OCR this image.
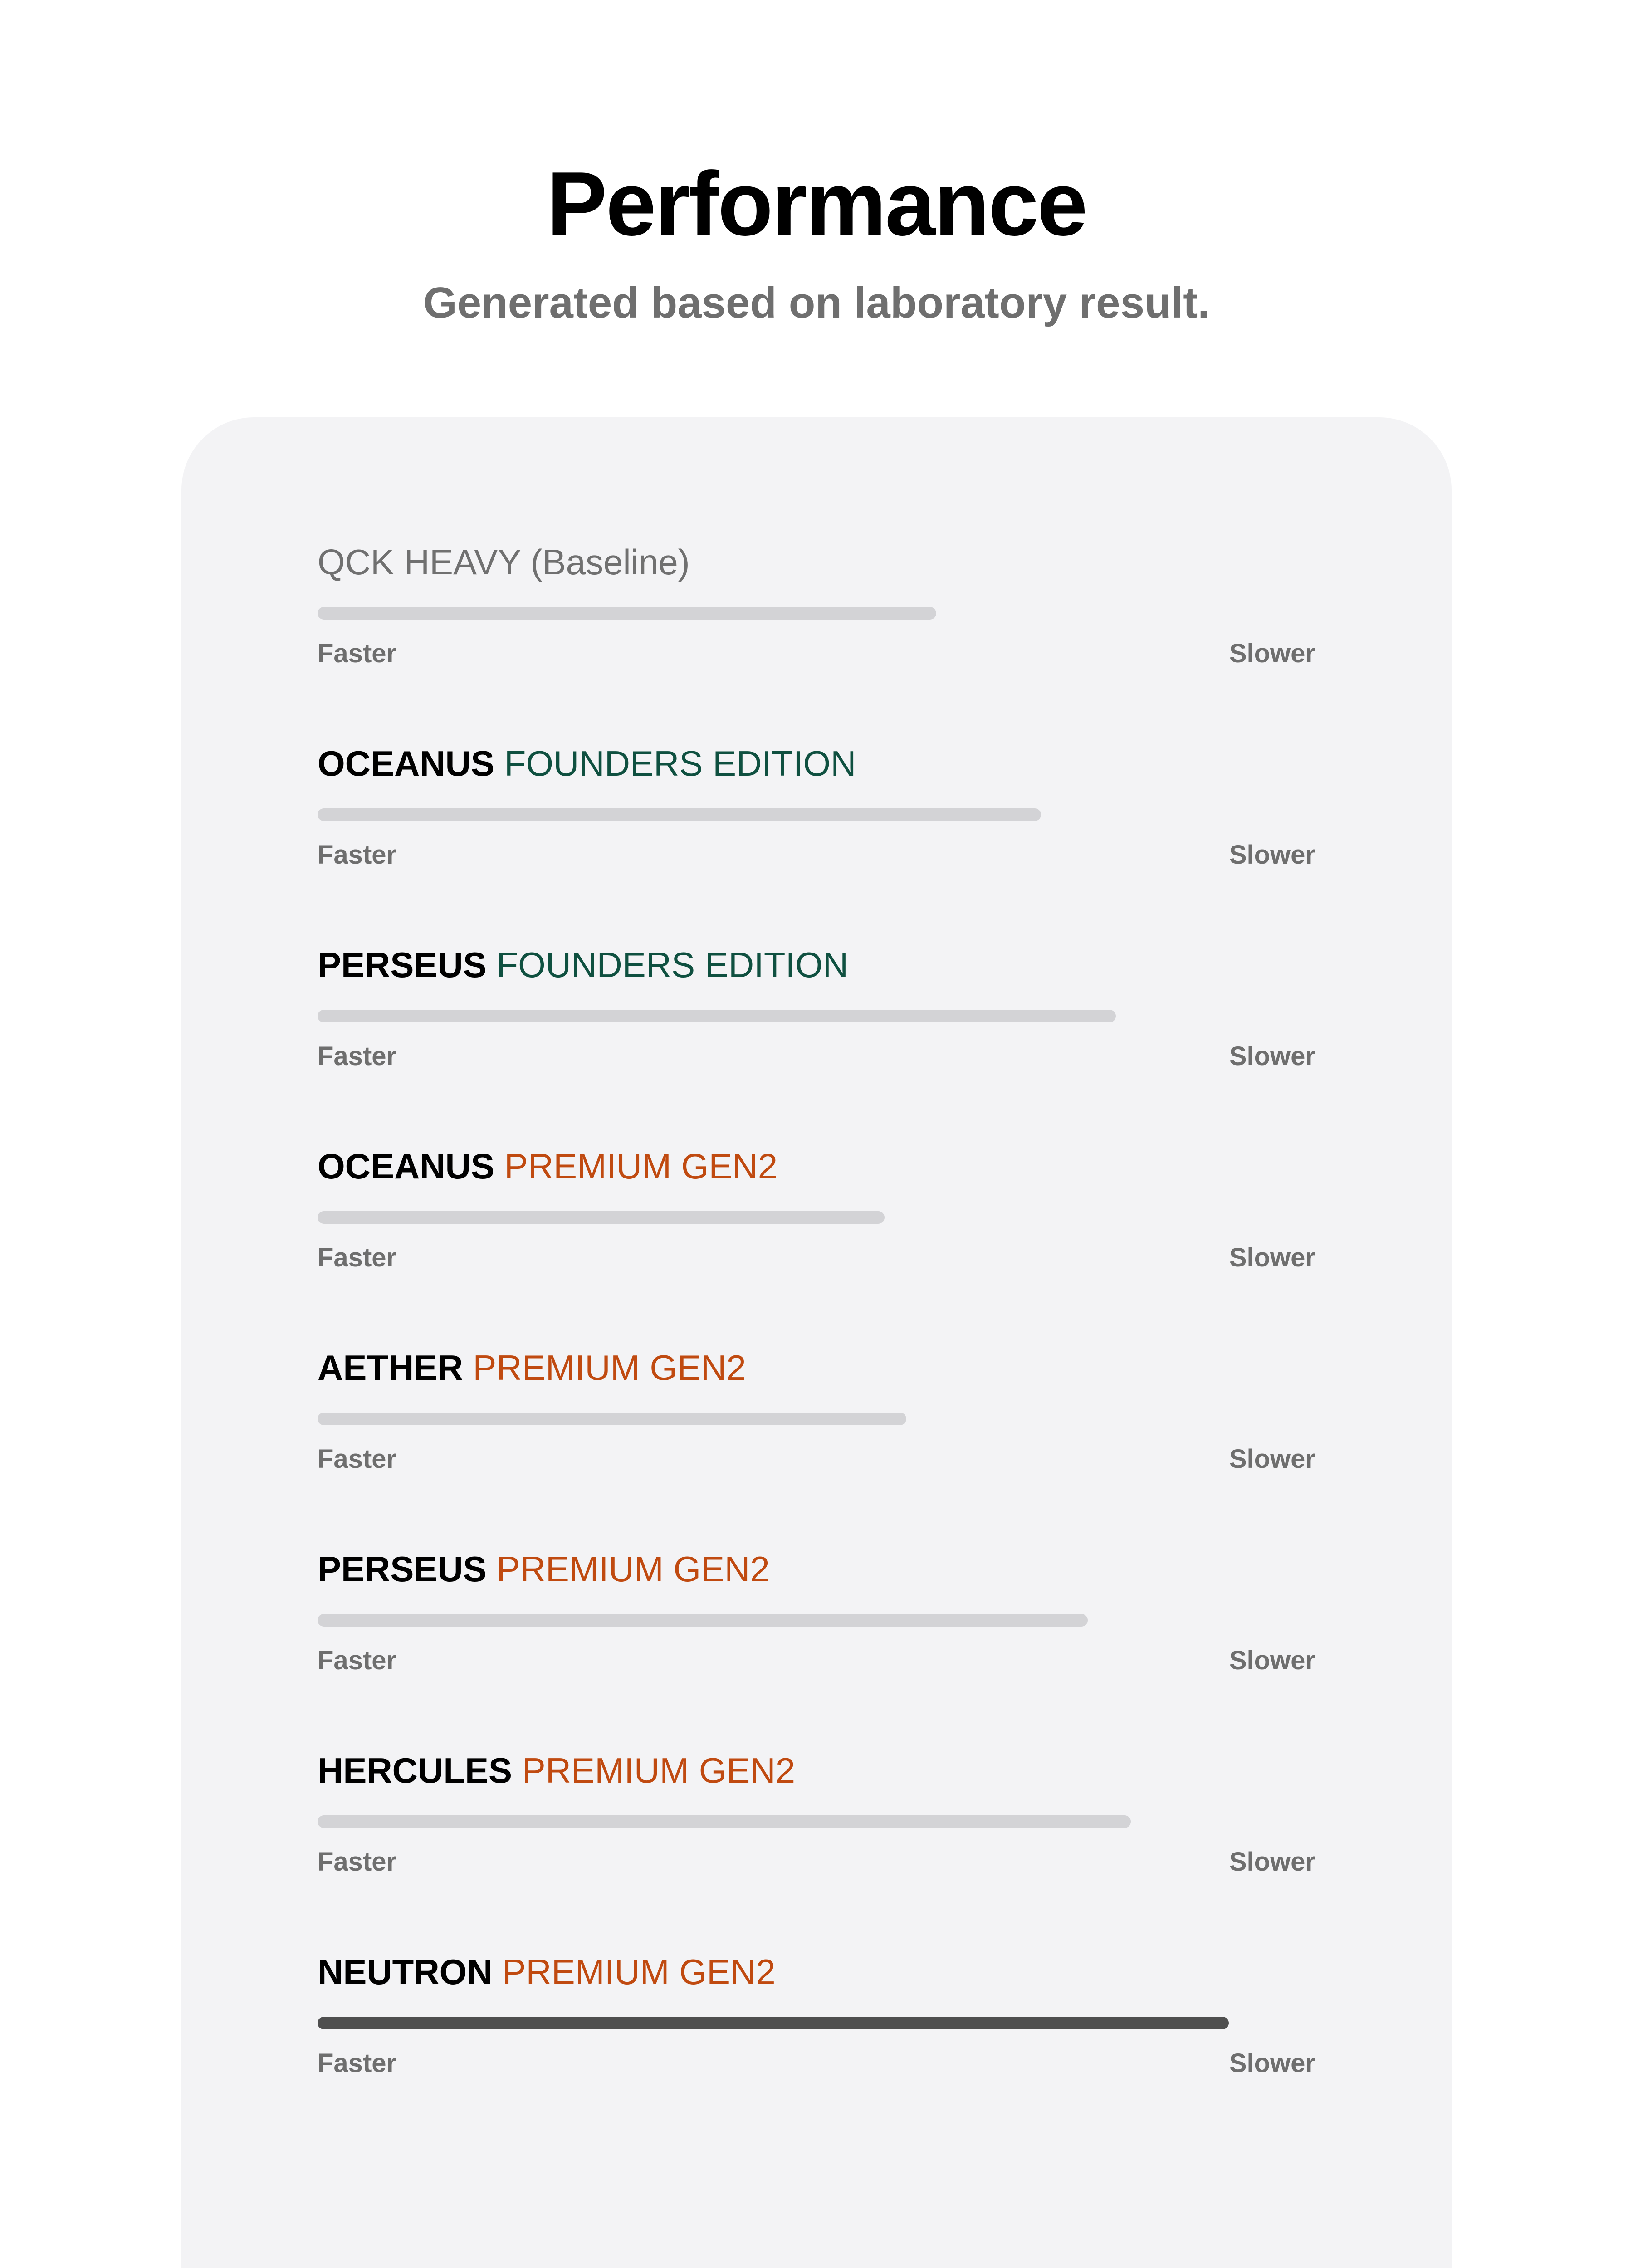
Performance
Generated based on laboratory result.
QCK HEAVY (Baseline)
Faster	Slower
OCEANUS FOUNDERS EDITION
Faster	Slower
PERSEUS FOUNDERS EDITION
Faster	Slower
OCEANUS PREMIUM GEN2
Faster	Slower
AETHER PREMIUM GEN2
Faster	Slower
PERSEUS PREMIUM GEN2
Faster	Slower
HERCULES PREMIUM GEN2
Faster	Slower
NEUTRON PREMIUM GEN2
Faster	Slower
